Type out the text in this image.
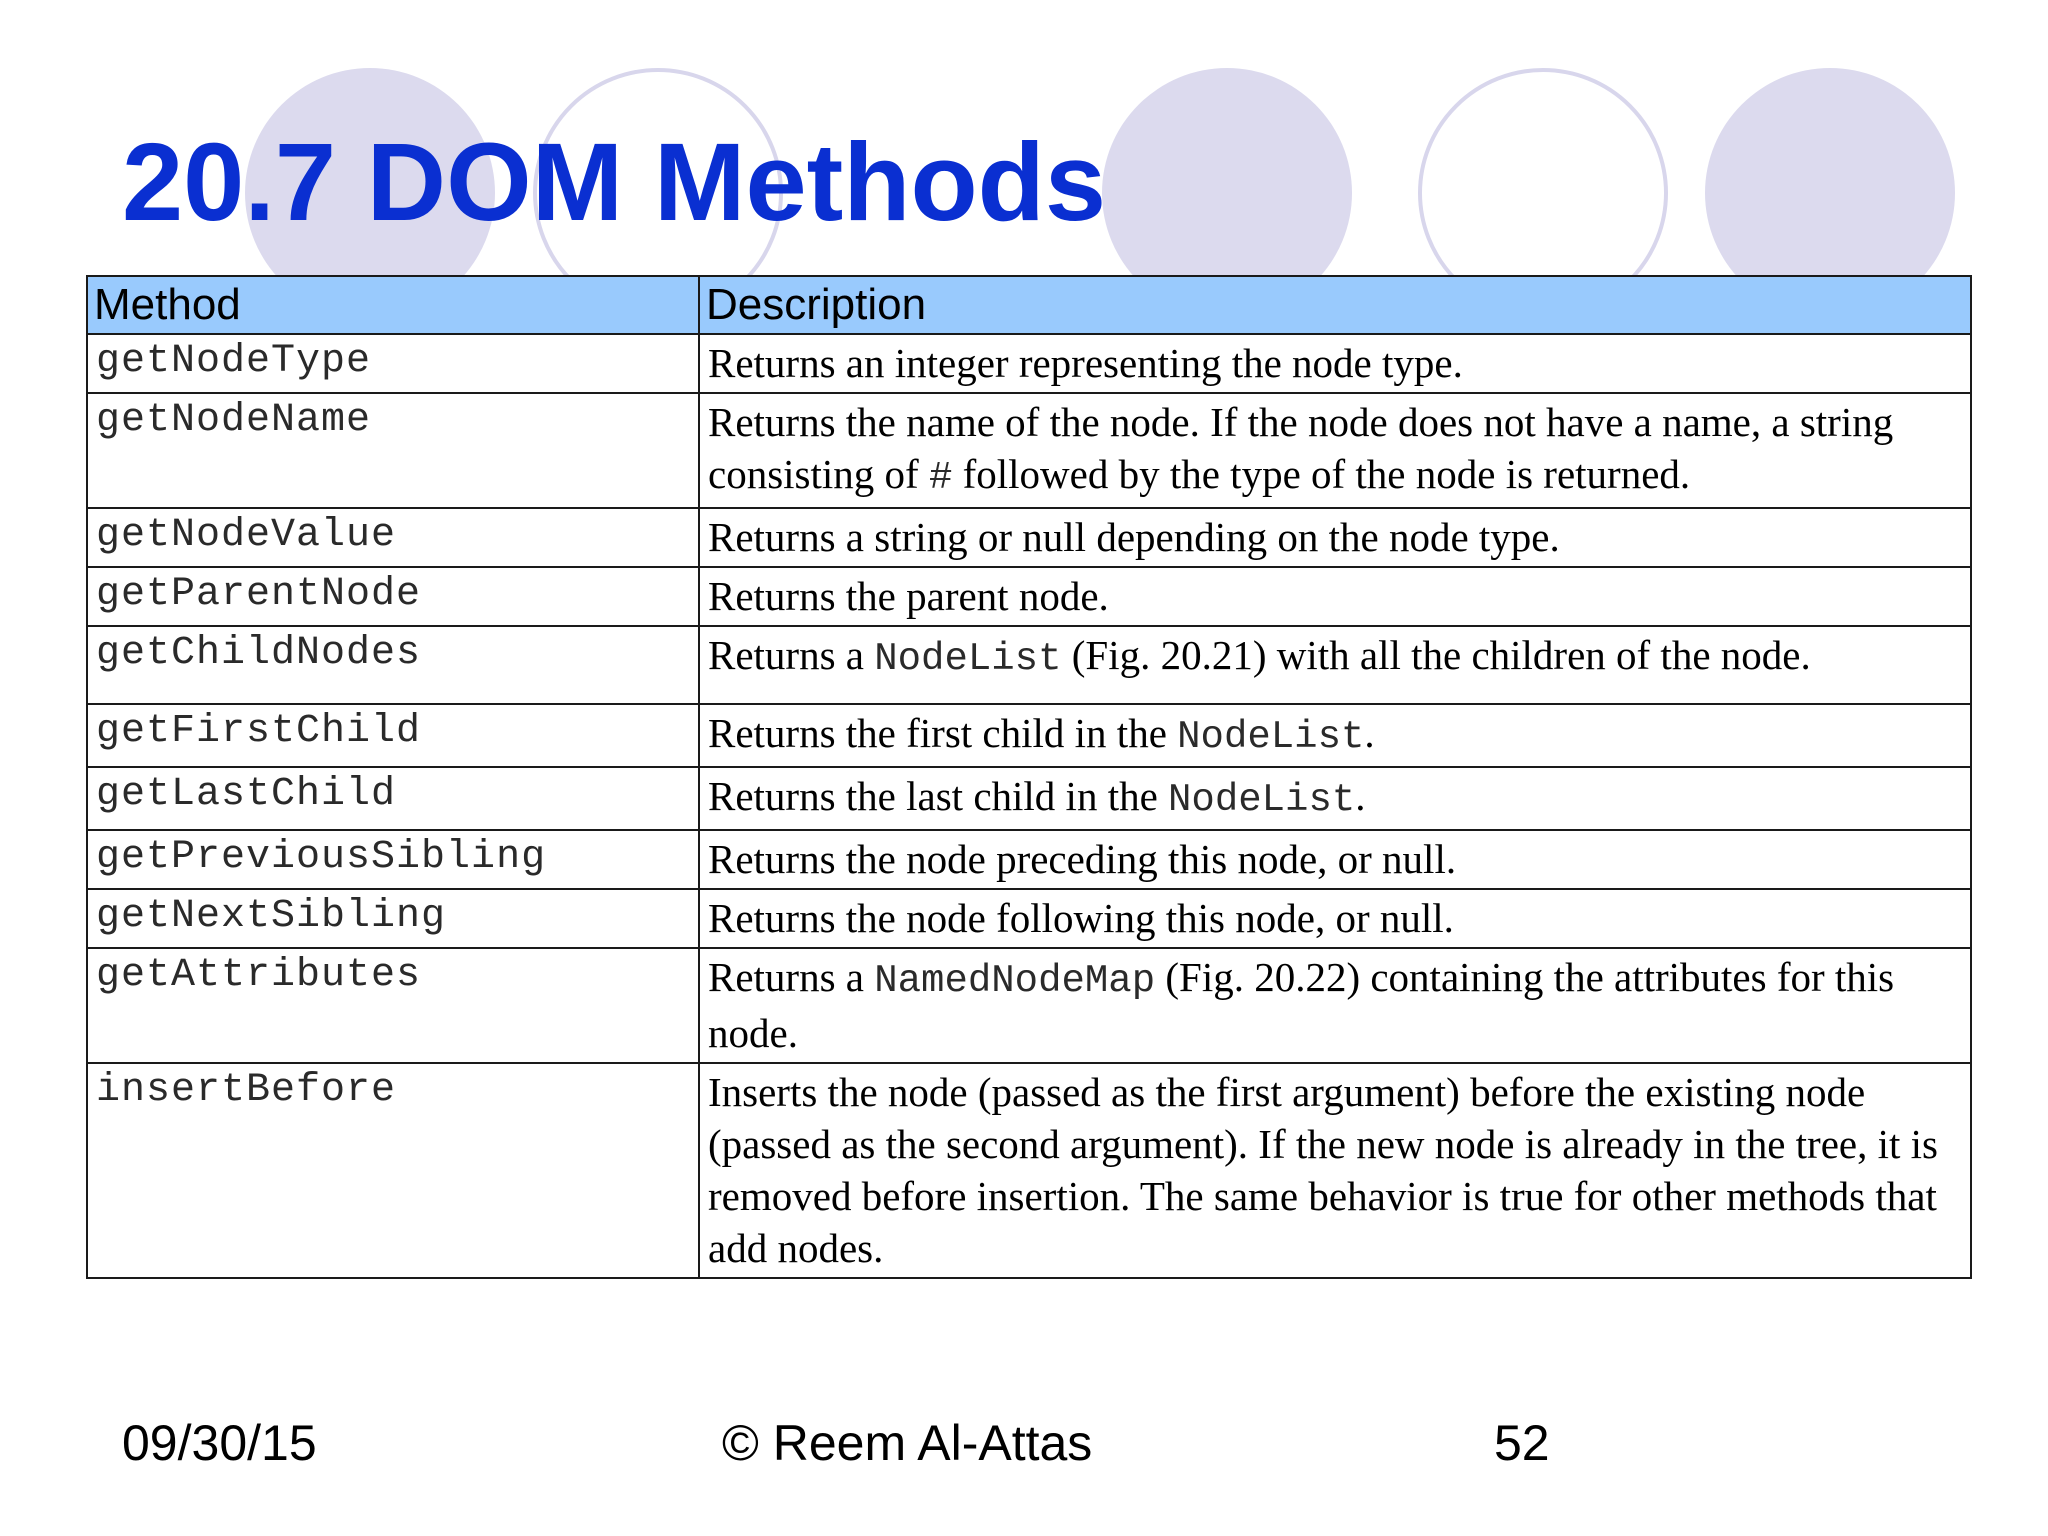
20.7 DOM Methods
Method	Description
getNodeType	Returns an integer representing the node type.
getNodeName	Returns the name of the node. If the node does not have a name, a string consisting of # followed by the type of the node is returned.
getNodeValue	Returns a string or null depending on the node type.
getParentNode	Returns the parent node.
getChildNodes	Returns a NodeList (Fig. 20.21) with all the children of the node.
getFirstChild	Returns the first child in the NodeList.
getLastChild	Returns the last child in the NodeList.
getPreviousSibling	Returns the node preceding this node, or null.
getNextSibling	Returns the node following this node, or null.
getAttributes	Returns a NamedNodeMap (Fig. 20.22) containing the attributes for this node.
insertBefore	Inserts the node (passed as the first argument) before the existing node (passed as the second argument). If the new node is already in the tree, it is removed before insertion. The same behavior is true for other methods that add nodes.
09/30/15	© Reem Al-Attas	52
